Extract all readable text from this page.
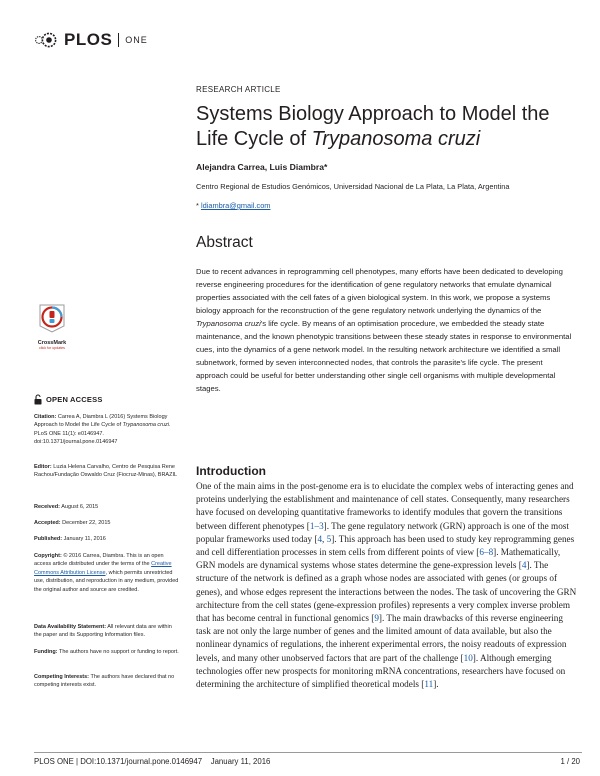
PLOS ONE
RESEARCH ARTICLE
Systems Biology Approach to Model the Life Cycle of Trypanosoma cruzi
Alejandra Carrea, Luis Diambra*
Centro Regional de Estudios Genómicos, Universidad Nacional de La Plata, La Plata, Argentina
* ldiambra@gmail.com
Abstract
Due to recent advances in reprogramming cell phenotypes, many efforts have been dedicated to developing reverse engineering procedures for the identification of gene regulatory networks that emulate dynamical properties associated with the cell fates of a given biological system. In this work, we propose a systems biology approach for the reconstruction of the gene regulatory network underlying the dynamics of the Trypanosoma cruzi's life cycle. By means of an optimisation procedure, we embedded the steady state maintenance, and the known phenotypic transitions between these steady states in response to environmental cues, into the dynamics of a gene network model. In the resulting network architecture we identified a small subnetwork, formed by seven interconnected nodes, that controls the parasite's life cycle. The present approach could be useful for better understanding other single cell organisms with multiple developmental stages.
CrossMark
click for updates
OPEN ACCESS
Citation: Carrea A, Diambra L (2016) Systems Biology Approach to Model the Life Cycle of Trypanosoma cruzi. PLoS ONE 11(1): e0146947. doi:10.1371/journal.pone.0146947
Editor: Luzia Helena Carvalho, Centro de Pesquisa Rene Rachou/Fundação Oswaldo Cruz (Fiocruz-Minas), BRAZIL
Received: August 6, 2015
Accepted: December 22, 2015
Published: January 11, 2016
Copyright: © 2016 Carrea, Diambra. This is an open access article distributed under the terms of the Creative Commons Attribution License, which permits unrestricted use, distribution, and reproduction in any medium, provided the original author and source are credited.
Data Availability Statement: All relevant data are within the paper and its Supporting Information files.
Funding: The authors have no support or funding to report.
Competing Interests: The authors have declared that no competing interests exist.
Introduction
One of the main aims in the post-genome era is to elucidate the complex webs of interacting genes and proteins underlying the establishment and maintenance of cell states. Consequently, many researchers have focused on developing quantitative frameworks to identify modules that govern the transitions between different phenotypes [1–3]. The gene regulatory network (GRN) approach is one of the most popular frameworks used today [4, 5]. This approach has been used to study key reprogramming genes and cell differentiation processes in stem cells from different points of view [6–8]. Mathematically, GRN models are dynamical systems whose states determine the gene-expression levels [4]. The structure of the network is defined as a graph whose nodes are associated with genes (or groups of genes), and whose edges represent the interactions between the nodes. The task of uncovering the GRN architecture from the cell states (gene-expression profiles) represents a very complex inverse problem that has become central in functional genomics [9]. The main drawbacks of this reverse engineering task are not only the large number of genes and the limited amount of data available, but also the nonlinear dynamics of regulations, the inherent experimental errors, the noisy readouts of expression levels, and many other unobserved factors that are part of the challenge [10]. Although emerging technologies offer new prospects for monitoring mRNA concentrations, researchers have focused on determining the architecture of simplified theoretical models [11].
PLOS ONE | DOI:10.1371/journal.pone.0146947    January 11, 2016	1 / 20
